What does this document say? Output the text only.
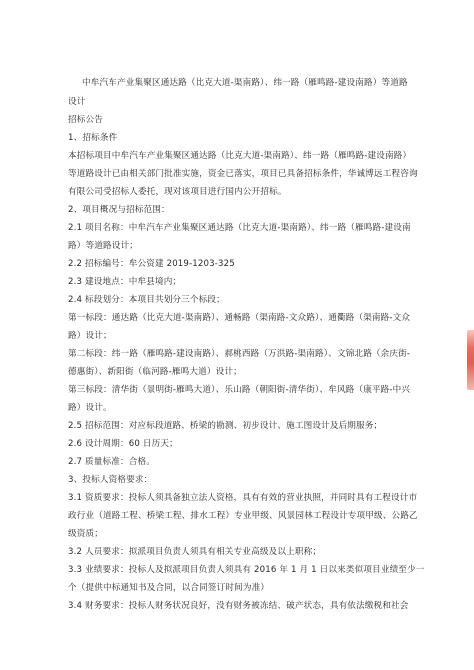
中牟汽车产业集聚区通达路（比克大道-渠南路）、纬一路（雁鸣路-建设南路）等道路
设计
招标公告
1、招标条件
本招标项目中牟汽车产业集聚区通达路（比克大道-渠南路）、纬一路（雁鸣路-建设南路）
等道路设计已由相关部门批准实施，资金已落实，项目已具备招标条件，华诚博远工程咨询
有限公司受招标人委托，现对该项目进行国内公开招标。
2、项目概况与招标范围：
2.1 项目名称：中牟汽车产业集聚区通达路（比克大道-渠南路）、纬一路（雁鸣路-建设南
路）等道路设计；
2.2 招标编号：牟公资建 2019-1203-325
2.3 建设地点：中牟县境内；
2.4 标段划分：本项目共划分三个标段；
第一标段：通达路（比克大道-渠南路）、通畅路（渠南路-文众路）、通衢路（渠南路-文众
路）设计；
第二标段：纬一路（雁鸣路-建设南路）、郝桃西路（万洪路-渠南路）、文锦北路（余庆街-
德惠街）、新阳街（临河路-雁鸣大道）设计；
第三标段：清华街（景明街-雁鸣大道）、乐山路（朝阳街-清华街）、牟风路（康平路-中兴
路）设计。
2.5 招标范围：对应标段道路、桥梁的勘测、初步设计、施工图设计及后期服务；
2.6 设计周期：60 日历天；
2.7 质量标准：合格。
3、投标人资格要求：
3.1 资质要求：投标人须具备独立法人资格，具有有效的营业执照，并同时具有工程设计市
政行业（道路工程、桥梁工程、排水工程）专业甲级、风景园林工程设计专项甲级、公路乙
级资质；
3.2 人员要求：拟派项目负责人须具有相关专业高级及以上职称；
3.3 业绩要求：投标人及拟派项目负责人须具有 2016 年 1 月 1 日以来类似项目业绩至少一
个（提供中标通知书及合同，以合同签订时间为准）
3.4 财务要求：投标人财务状况良好，没有财务被冻结、破产状态，具有依法缴税和社会
